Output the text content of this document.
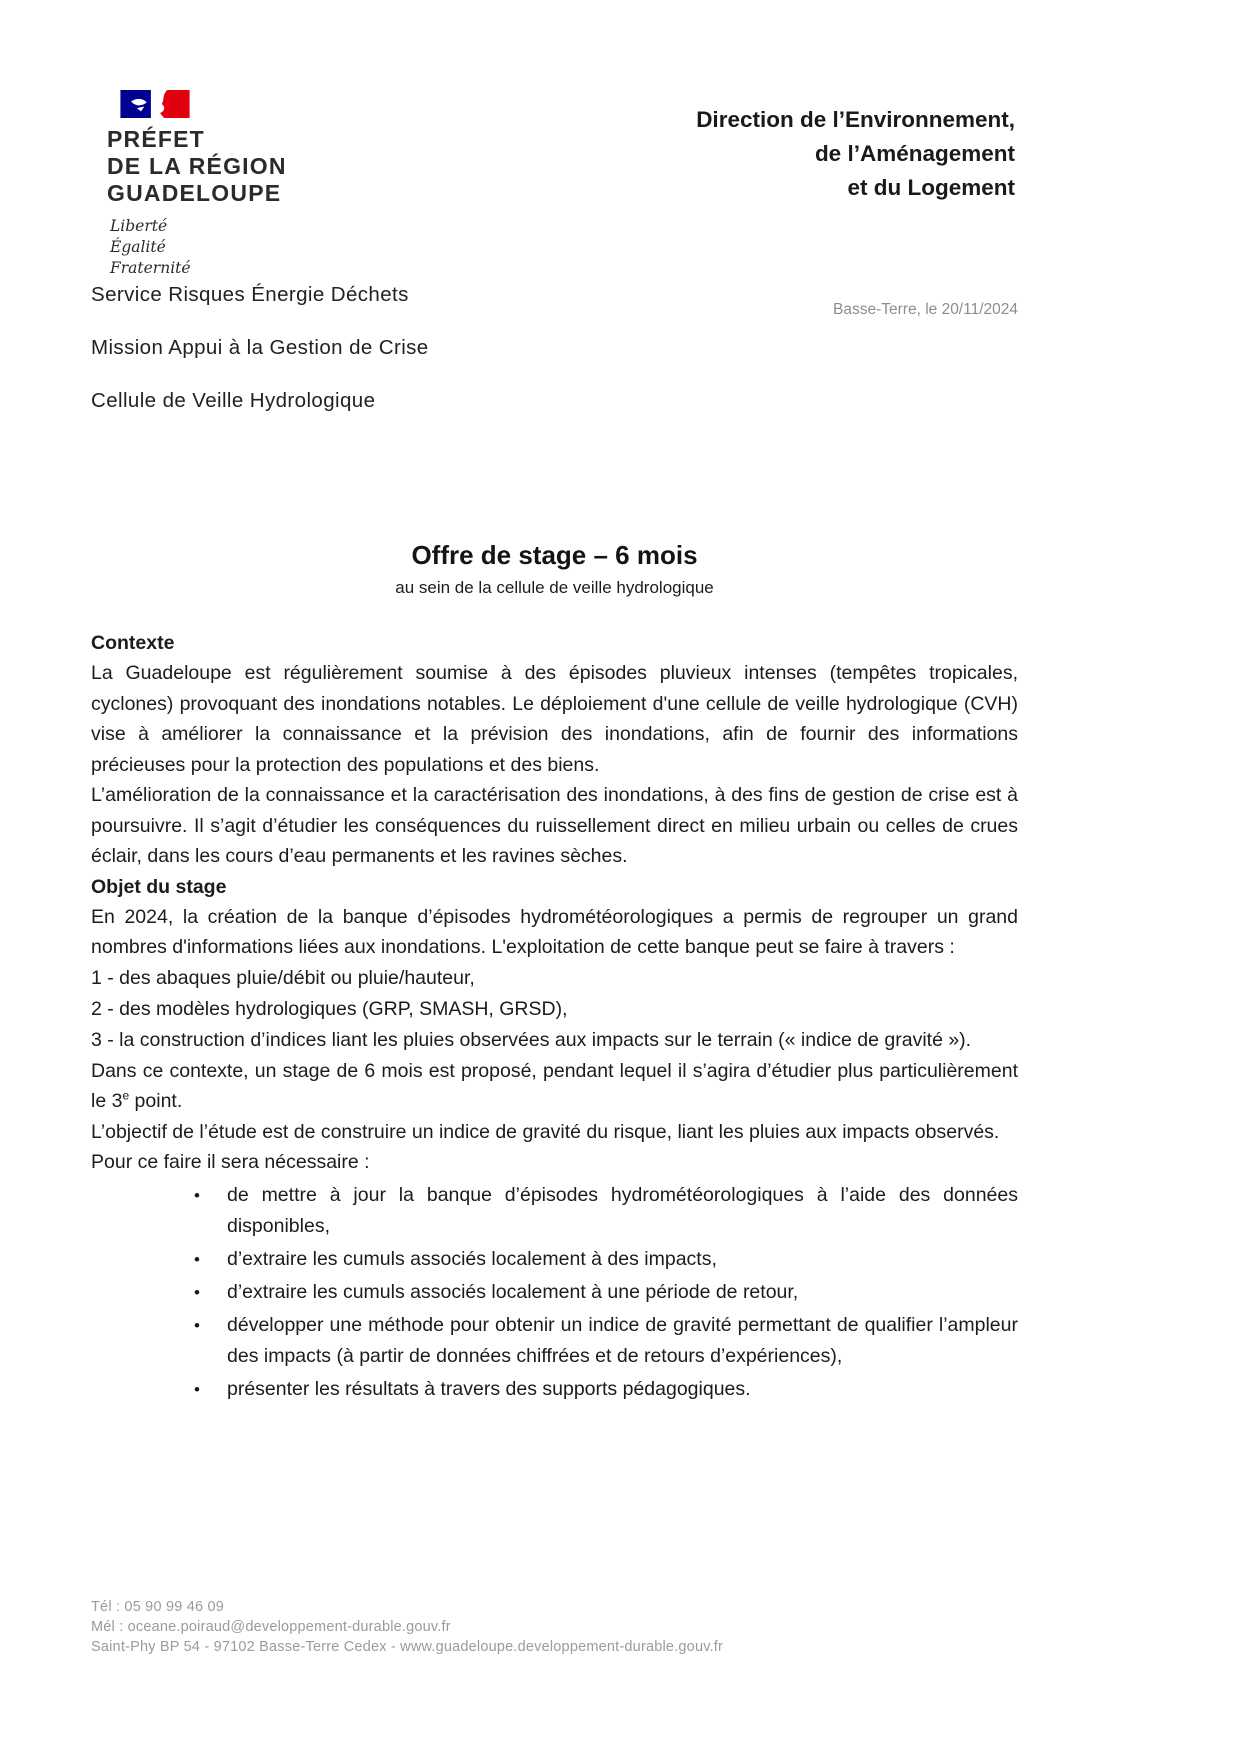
PRÉFET
DE LA RÉGION
GUADELOUPE
Liberté
Égalité
Fraternité
Direction de l’Environnement,
de l’Aménagement
et du Logement
Service Risques Énergie Déchets
Mission Appui à la Gestion de Crise
Cellule de Veille Hydrologique
Basse-Terre, le 20/11/2024
Offre de stage – 6 mois
au sein de la cellule de veille hydrologique
Contexte

La Guadeloupe est régulièrement soumise à des épisodes pluvieux intenses (tempêtes tropicales, cyclones) provoquant des inondations notables. Le déploiement d'une cellule de veille hydrologique (CVH) vise à améliorer la connaissance et la prévision des inondations, afin de fournir des informations précieuses pour la protection des populations et des biens.

L’amélioration de la connaissance et la caractérisation des inondations, à des fins de gestion de crise est à poursuivre. Il s’agit d’étudier les conséquences du ruissellement direct en milieu urbain ou celles de crues éclair, dans les cours d’eau permanents et les ravines sèches.

Objet du stage

En 2024, la création de la banque d’épisodes hydrométéorologiques a permis de regrouper un grand nombres d'informations liées aux inondations. L'exploitation de cette banque peut se faire à travers :

1 - des abaques pluie/débit ou pluie/hauteur,
2 - des modèles hydrologiques (GRP, SMASH, GRSD),
3 - la construction d’indices liant les pluies observées aux impacts sur le terrain (« indice de gravité »).

Dans ce contexte, un stage de 6 mois est proposé, pendant lequel il s’agira d’étudier plus particulièrement le 3e point.

L’objectif de l’étude est de construire un indice de gravité du risque, liant les pluies aux impacts observés.

Pour ce faire il sera nécessaire :

• de mettre à jour la banque d’épisodes hydrométéorologiques à l’aide des données disponibles,
• d’extraire les cumuls associés localement à des impacts,
• d’extraire les cumuls associés localement à une période de retour,
• développer une méthode pour obtenir un indice de gravité permettant de qualifier l’ampleur des impacts (à partir de données chiffrées et de retours d’expériences),
• présenter les résultats à travers des supports pédagogiques.
Tél : 05 90 99 46 09
Mél : oceane.poiraud@developpement-durable.gouv.fr
Saint-Phy BP 54 - 97102 Basse-Terre Cedex - www.guadeloupe.developpement-durable.gouv.fr
